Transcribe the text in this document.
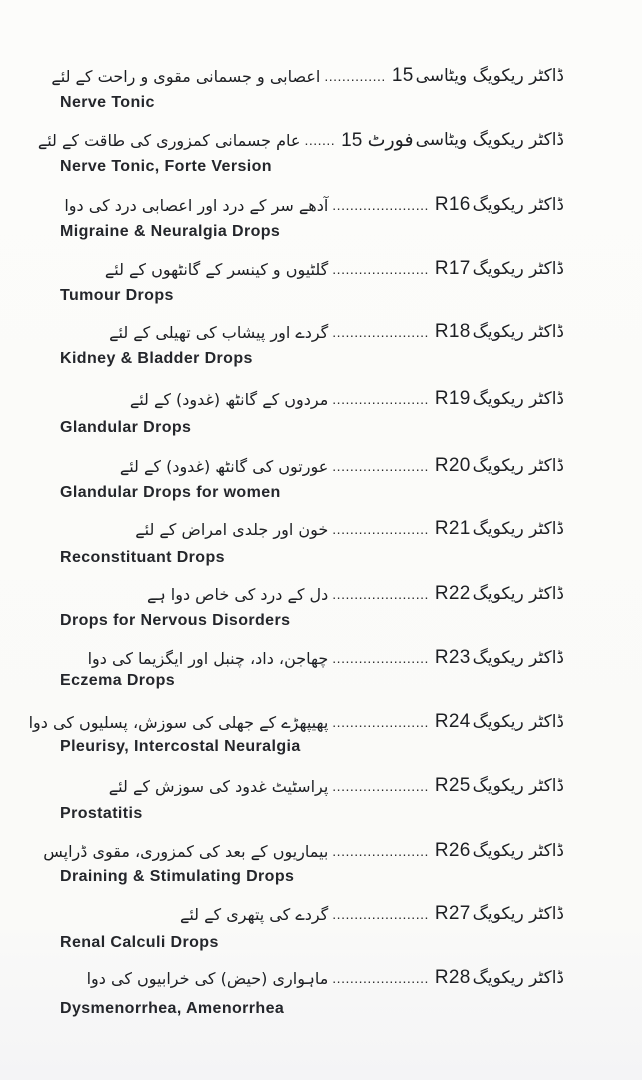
ڈاکٹر ریکویگ ویٹاسی
15
..............
اعصابی و جسمانی مقوی و راحت کے لئے
Nerve Tonic
ڈاکٹر ریکویگ ویٹاسی
15 فورٹ
.......
عام جسمانی کمزوری کی طاقت کے لئے
Nerve Tonic, Forte Version
ڈاکٹر ریکویگ
R16
......................
آدھے سر کے درد اور اعصابی درد کی دوا
Migraine & Neuralgia Drops
ڈاکٹر ریکویگ
R17
......................
گلٹیوں و کینسر کے گانٹھوں کے لئے
Tumour Drops
ڈاکٹر ریکویگ
R18
......................
گردے اور پیشاب کی تھیلی کے لئے
Kidney & Bladder Drops
ڈاکٹر ریکویگ
R19
......................
مردوں کے گانٹھ (غدود) کے لئے
Glandular Drops
ڈاکٹر ریکویگ
R20
......................
عورتوں کی گانٹھ (غدود) کے لئے
Glandular Drops for women
ڈاکٹر ریکویگ
R21
......................
خون اور جلدی امراض کے لئے
Reconstituant Drops
ڈاکٹر ریکویگ
R22
......................
دل کے درد کی خاص دوا ہے
Drops for Nervous Disorders
ڈاکٹر ریکویگ
R23
......................
چھاجن، داد، چنبل اور ایگزیما کی دوا
Eczema Drops
ڈاکٹر ریکویگ
R24
......................
پھیپھڑے کے جھلی کی سوزش، پسلیوں کی دوا
Pleurisy, Intercostal Neuralgia
ڈاکٹر ریکویگ
R25
......................
پراسٹیٹ غدود کی سوزش کے لئے
Prostatitis
ڈاکٹر ریکویگ
R26
......................
بیماریوں کے بعد کی کمزوری، مقوی ڈراپس
Draining & Stimulating Drops
ڈاکٹر ریکویگ
R27
......................
گردے کی پتھری کے لئے
Renal Calculi Drops
ڈاکٹر ریکویگ
R28
......................
ماہواری (حیض) کی خرابیوں کی دوا
Dysmenorrhea, Amenorrhea
